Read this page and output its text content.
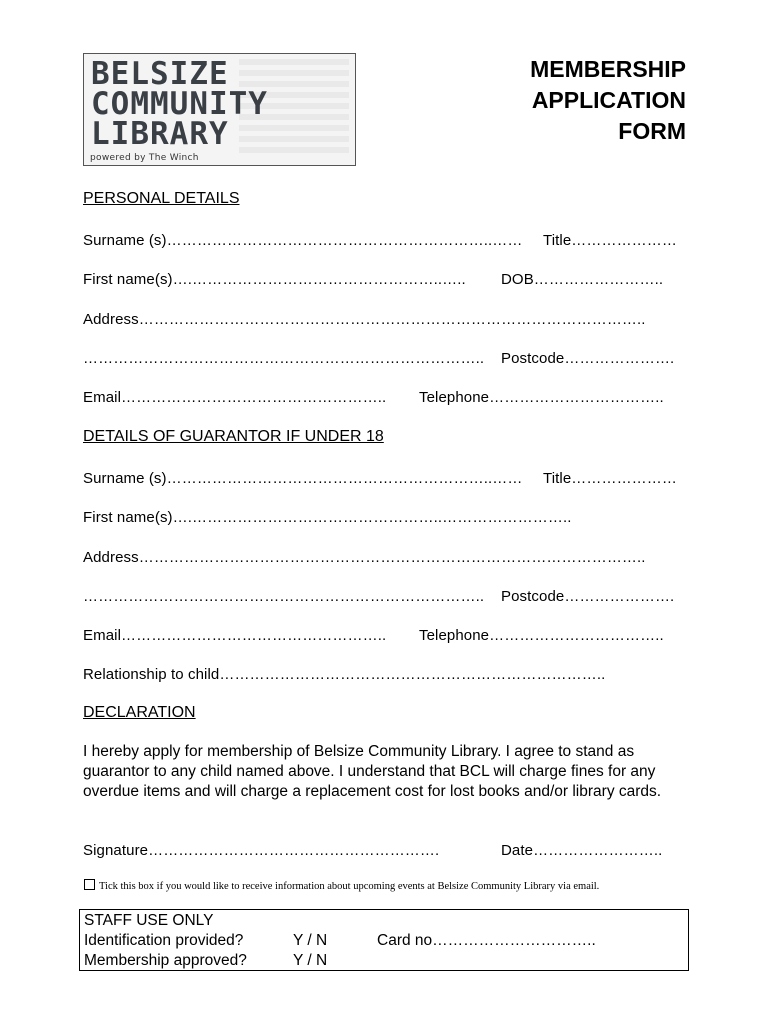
BELSIZE
COMMUNITY
LIBRARY
powered by The Winch
MEMBERSHIP
APPLICATION
FORM
PERSONAL DETAILS
Surname (s)………………………………………………………..…… Title…………………
First name(s)….…………………………………………..….. DOB……………………..
Address………………………………………………………………………………………..
…………………………………………………………………….. Postcode………………….
Email…………………………………………….. Telephone……………………………..
DETAILS OF GUARANTOR IF UNDER 18
Surname (s)………………………………………………………..…… Title…………………
First name(s)….…………………………………………..……………………..
Address………………………………………………………………………………………..
…………………………………………………………………….. Postcode………………….
Email…………………………………………….. Telephone……………………………..
Relationship to child…………………………………………………………………..
DECLARATION
I hereby apply for membership of Belsize Community Library. I agree to stand as guarantor to any child named above. I understand that BCL will charge fines for any overdue items and will charge a replacement cost for lost books and/or library cards.
Signature………………………………………………….	Date……………………..
Tick this box if you would like to receive information about upcoming events at Belsize Community Library via email.
STAFF USE ONLY
Identification provided?	Y / N	Card no…………………………..
Membership approved?	Y / N
